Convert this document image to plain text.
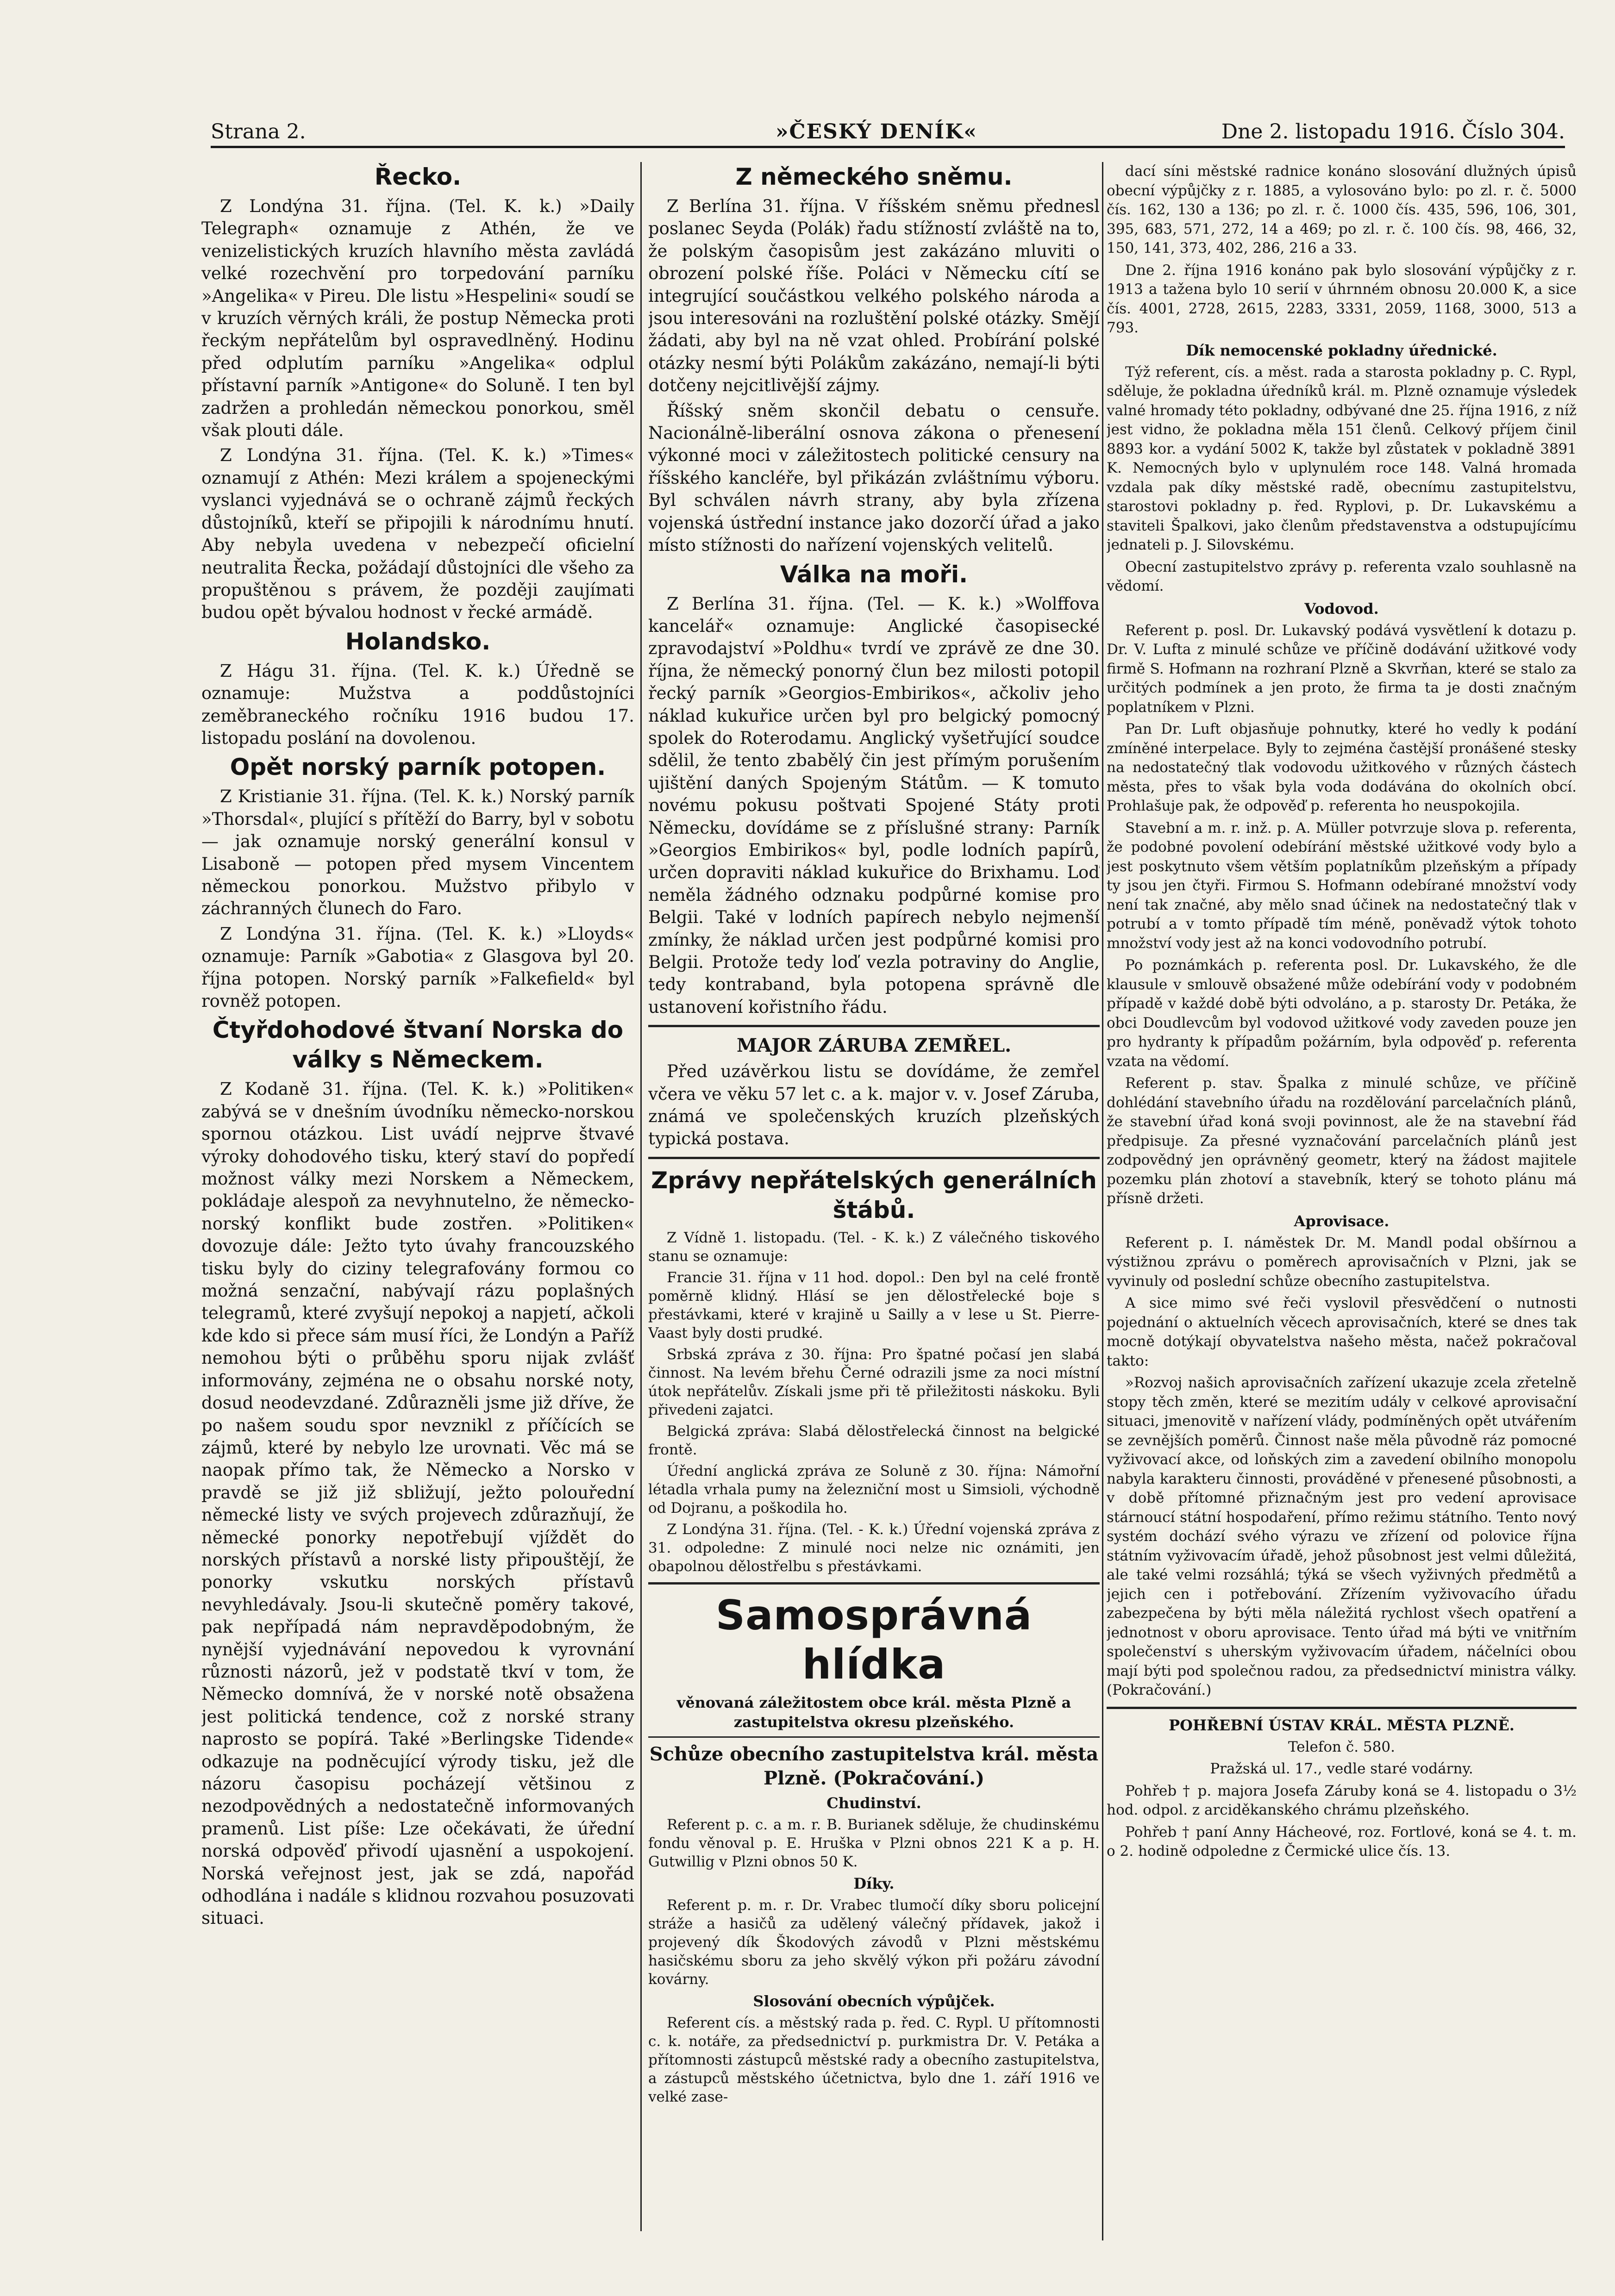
Strana 2.	»ČESKÝ DENÍK«	Dne 2. listopadu 1916. Číslo 304.
Řecko.

Z Londýna 31. října. (Tel. K. k.) »Daily Telegraph« oznamuje z Athén, že ve venizelistických kruzích hlavního města zavládá velké rozechvění pro torpedování parníku »Angelika« v Pireu. Dle listu »Hespelini« soudí se v kruzích věrných králi, že postup Německa proti řeckým nepřátelům byl ospravedlněný. Hodinu před odplutím parníku »Angelika« odplul přístavní parník »Antigone« do Soluně. I ten byl zadržen a prohledán německou ponorkou, směl však plouti dále.

Z Londýna 31. října. (Tel. K. k.) »Times« oznamují z Athén: Mezi králem a spojeneckými vyslanci vyjednává se o ochraně zájmů řeckých důstojníků, kteří se připojili k národnímu hnutí. Aby nebyla uvedena v nebezpečí oficielní neutralita Řecka, požádají důstojníci dle všeho za propuštěnou s právem, že později zaujímati budou opět bývalou hodnost v řecké armádě.

Holandsko.

Z Hágu 31. října. (Tel. K. k.) Úředně se oznamuje: Mužstva a poddůstojníci zeměbraneckého ročníku 1916 budou 17. listopadu poslání na dovolenou.

Opět norský parník potopen.

Z Kristianie 31. října. (Tel. K. k.) Norský parník »Thorsdal«, plující s přítěží do Barry, byl v sobotu — jak oznamuje norský generální konsul v Lisaboně — potopen před mysem Vincentem německou ponorkou. Mužstvo přibylo v záchranných člunech do Faro.

Z Londýna 31. října. (Tel. K. k.) »Lloyds« oznamuje: Parník »Gabotia« z Glasgova byl 20. října potopen. Norský parník »Falkefield« byl rovněž potopen.

Čtyřdohodové štvaní Norska do války s Německem.

Z Kodaně 31. října. (Tel. K. k.) »Politiken« zabývá se v dnešním úvodníku německo-norskou spornou otázkou. List uvádí nejprve štvavé výroky dohodového tisku, který staví do popředí možnost války mezi Norskem a Německem, pokládaje alespoň za nevyhnutelno, že německo-norský konflikt bude zostřen. »Politiken« dovozuje dále: Ježto tyto úvahy francouzského tisku byly do ciziny telegrafovány formou co možná senzační, nabývají rázu poplašných telegramů, které zvyšují nepokoj a napjetí, ačkoli kde kdo si přece sám musí říci, že Londýn a Paříž nemohou býti o průběhu sporu nijak zvlášť informovány, zejména ne o obsahu norské noty, dosud neodevzdané. Zdůrazněli jsme již dříve, že po našem soudu spor nevznikl z příčících se zájmů, které by nebylo lze urovnati. Věc má se naopak přímo tak, že Německo a Norsko v pravdě se již již sbližují, ježto polouřední německé listy ve svých projevech zdůrazňují, že německé ponorky nepotřebují vjíždět do norských přístavů a norské listy připouštějí, že ponorky vskutku norských přístavů nevyhledávaly. Jsou-li skutečně poměry takové, pak nepřípadá nám nepravděpodobným, že nynější vyjednávání nepovedou k vyrovnání různosti názorů, jež v podstatě tkví v tom, že Německo domnívá, že v norské notě obsažena jest politická tendence, což z norské strany naprosto se popírá. Také »Berlingske Tidende« odkazuje na podněcující výrody tisku, jež dle názoru časopisu pocházejí většinou z nezodpovědných a nedostatečně informovaných pramenů. List píše: Lze očekávati, že úřední norská odpověď přivodí ujasnění a uspokojení. Norská veřejnost jest, jak se zdá, napořád odhodlána i nadále s klidnou rozvahou posuzovati situaci.

Z německého sněmu.

Z Berlína 31. října. V říšském sněmu přednesl poslanec Seyda (Polák) řadu stížností zvláště na to, že polským časopisům jest zakázáno mluviti o obrození polské říše. Poláci v Německu cítí se integrující součástkou velkého polského národa a jsou interesováni na rozluštění polské otázky. Smějí žádati, aby byl na ně vzat ohled. Probírání polské otázky nesmí býti Polákům zakázáno, nemají-li býti dotčeny nejcitlivější zájmy.

Říšský sněm skončil debatu o censuře. Nacionálně-liberální osnova zákona o přenesení výkonné moci v záležitostech politické censury na říšského kancléře, byl přikázán zvláštnímu výboru. Byl schválen návrh strany, aby byla zřízena vojenská ústřední instance jako dozorčí úřad a jako místo stížnosti do nařízení vojenských velitelů.

Válka na moři.

Z Berlína 31. října. (Tel. — K. k.) »Wolffova kancelář« oznamuje: Anglické časopisecké zpravodajství »Poldhu« tvrdí ve zprávě ze dne 30. října, že německý ponorný člun bez milosti potopil řecký parník »Georgios-Embirikos«, ačkoliv jeho náklad kukuřice určen byl pro belgický pomocný spolek do Roterodamu. Anglický vyšetřující soudce sdělil, že tento zbabělý čin jest přímým porušením ujištění daných Spojeným Státům. — K tomuto novému pokusu poštvati Spojené Státy proti Německu, dovídáme se z příslušné strany: Parník »Georgios Embirikos« byl, podle lodních papírů, určen dopraviti náklad kukuřice do Brixhamu. Loď neměla žádného odznaku podpůrné komise pro Belgii. Také v lodních papírech nebylo nejmenší zmínky, že náklad určen jest podpůrné komisi pro Belgii. Protože tedy loď vezla potraviny do Anglie, tedy kontraband, byla potopena správně dle ustanovení kořistního řádu.

MAJOR ZÁRUBA ZEMŘEL.

Před uzávěrkou listu se dovídáme, že zemřel včera ve věku 57 let c. a k. major v. v. Josef Záruba, známá ve společenských kruzích plzeňských typická postava.

Zprávy nepřátelských generálních štábů.

Z Vídně 1. listopadu. (Tel. - K. k.) Z válečného tiskového stanu se oznamuje:

Francie 31. října v 11 hod. dopol.: Den byl na celé frontě poměrně klidný. Hlásí se jen dělostřelecké boje s přestávkami, které v krajině u Sailly a v lese u St. Pierre-Vaast byly dosti prudké.

Srbská zpráva z 30. října: Pro špatné počasí jen slabá činnost. Na levém břehu Černé odrazili jsme za noci místní útok nepřátelův. Získali jsme při tě přiležitosti náskoku. Byli přivedeni zajatci.

Belgická zpráva: Slabá dělostřelecká činnost na belgické frontě.

Úřední anglická zpráva ze Soluně z 30. října: Námořní létadla vrhala pumy na železniční most u Simsioli, východně od Dojranu, a poškodila ho.

Z Londýna 31. října. (Tel. - K. k.) Úřední vojenská zpráva z 31. odpoledne: Z minulé noci nelze nic oznámiti, jen obapolnou dělostřelbu s přestávkami.

Samosprávná hlídka
věnovaná záležitostem obce král. města Plzně a zastupitelstva okresu plzeňského.
Schůze obecního zastupitelstva král. města Plzně. (Pokračování.)
Chudinství.

Referent p. c. a m. r. B. Burianek sděluje, že chudinskému fondu věnoval p. E. Hruška v Plzni obnos 221 K a p. H. Gutwillig v Plzni obnos 50 K.

Díky.

Referent p. m. r. Dr. Vrabec tlumočí díky sboru policejní stráže a hasičů za udělený válečný přídavek, jakož i projevený dík Škodových závodů v Plzni městskému hasičskému sboru za jeho skvělý výkon při požáru závodní kovárny.

Slosování obecních výpůjček.

Referent cís. a městský rada p. řed. C. Rypl. U přítomnosti c. k. notáře, za předsednictví p. purkmistra Dr. V. Petáka a přítomnosti zástupců městské rady a obecního zastupitelstva, a zástupců městského účetnictva, bylo dne 1. září 1916 ve velké zase-

dací síni městské radnice konáno slosování dlužných úpisů obecní výpůjčky z r. 1885, a vylosováno bylo: po zl. r. č. 5000 čís. 162, 130 a 136; po zl. r. č. 1000 čís. 435, 596, 106, 301, 395, 683, 571, 272, 14 a 469; po zl. r. č. 100 čís. 98, 466, 32, 150, 141, 373, 402, 286, 216 a 33.

Dne 2. října 1916 konáno pak bylo slosování výpůjčky z r. 1913 a tažena bylo 10 serií v úhrnném obnosu 20.000 K, a sice čís. 4001, 2728, 2615, 2283, 3331, 2059, 1168, 3000, 513 a 793.

Dík nemocenské pokladny úřednické.

Týž referent, cís. a měst. rada a starosta pokladny p. C. Rypl, sděluje, že pokladna úředníků král. m. Plzně oznamuje výsledek valné hromady této pokladny, odbývané dne 25. října 1916, z níž jest vidno, že pokladna měla 151 členů. Celkový příjem činil 8893 kor. a vydání 5002 K, takže byl zůstatek v pokladně 3891 K. Nemocných bylo v uplynulém roce 148. Valná hromada vzdala pak díky městské radě, obecnímu zastupitelstvu, starostovi pokladny p. řed. Ryplovi, p. Dr. Lukavskému a staviteli Špalkovi, jako členům představenstva a odstupujícímu jednateli p. J. Silovskému.

Obecní zastupitelstvo zprávy p. referenta vzalo souhlasně na vědomí.

Vodovod.

Referent p. posl. Dr. Lukavský podává vysvětlení k dotazu p. Dr. V. Lufta z minulé schůze ve příčině dodávání užitkové vody firmě S. Hofmann na rozhraní Plzně a Skvrňan, které se stalo za určitých podmínek a jen proto, že firma ta je dosti značným poplatníkem v Plzni.

Pan Dr. Luft objasňuje pohnutky, které ho vedly k podání zmíněné interpelace. Byly to zejména častější pronášené stesky na nedostatečný tlak vodovodu užitkového v různých částech města, přes to však byla voda dodávána do okolních obcí. Prohlašuje pak, že odpověď p. referenta ho neuspokojila.

Stavební a m. r. inž. p. A. Müller potvrzuje slova p. referenta, že podobné povolení odebírání městské užitkové vody bylo a jest poskytnuto všem větším poplatníkům plzeňským a případy ty jsou jen čtyři. Firmou S. Hofmann odebírané množství vody není tak značné, aby mělo snad účinek na nedostatečný tlak v potrubí a v tomto případě tím méně, poněvadž výtok tohoto množství vody jest až na konci vodovodního potrubí.

Po poznámkách p. referenta posl. Dr. Lukavského, že dle klausule v smlouvě obsažené může odebírání vody v podobném případě v každé době býti odvoláno, a p. starosty Dr. Petáka, že obci Doudlevcům byl vodovod užitkové vody zaveden pouze jen pro hydranty k případům požárním, byla odpověď p. referenta vzata na vědomí.

Referent p. stav. Špalka z minulé schůze, ve příčině dohlédání stavebního úřadu na rozdělování parcelačních plánů, že stavební úřad koná svoji povinnost, ale že na stavební řád předpisuje. Za přesné vyznačování parcelačních plánů jest zodpovědný jen oprávněný geometr, který na žádost majitele pozemku plán zhotoví a stavebník, který se tohoto plánu má přísně držeti.

Aprovisace.

Referent p. I. náměstek Dr. M. Mandl podal obšírnou a výstižnou zprávu o poměrech aprovisačních v Plzni, jak se vyvinuly od poslední schůze obecního zastupitelstva.

A sice mimo své řeči vyslovil přesvědčení o nutnosti pojednání o aktuelních věcech aprovisačních, které se dnes tak mocně dotýkají obyvatelstva našeho města, načež pokračoval takto:

»Rozvoj našich aprovisačních zařízení ukazuje zcela zřetelně stopy těch změn, které se mezitím udály v celkové aprovisační situaci, jmenovitě v nařízení vlády, podmíněných opět utvářením se zevnějších poměrů. Činnost naše měla původně ráz pomocné vyživovací akce, od loňských zim a zavedení obilního monopolu nabyla karakteru činnosti, prováděné v přenesené působnosti, a v době přítomné přiznačným jest pro vedení aprovisace stárnoucí státní hospodaření, přímo režimu státního. Tento nový systém dochází svého výrazu ve zřízení od polovice října státním vyživovacím úřadě, jehož působnost jest velmi důležitá, ale také velmi rozsáhlá; týká se všech vyživných předmětů a jejich cen i potřebování. Zřízením vyživovacího úřadu zabezpečena by býti měla náležitá rychlost všech opatření a jednotnost v oboru aprovisace. Tento úřad má býti ve vnitřním společenství s uherským vyživovacím úřadem, náčelníci obou mají býti pod společnou radou, za předsednictví ministra války. (Pokračování.)

POHŘEBNÍ ÚSTAV KRÁL. MĚSTA PLZNĚ.

Telefon č. 580.

Pražská ul. 17., vedle staré vodárny.

Pohřeb † p. majora Josefa Záruby koná se 4. listopadu o 3½ hod. odpol. z arciděkanského chrámu plzeňského.

Pohřeb † paní Anny Hácheové, roz. Fortlové, koná se 4. t. m. o 2. hodině odpoledne z Čermické ulice čís. 13.
